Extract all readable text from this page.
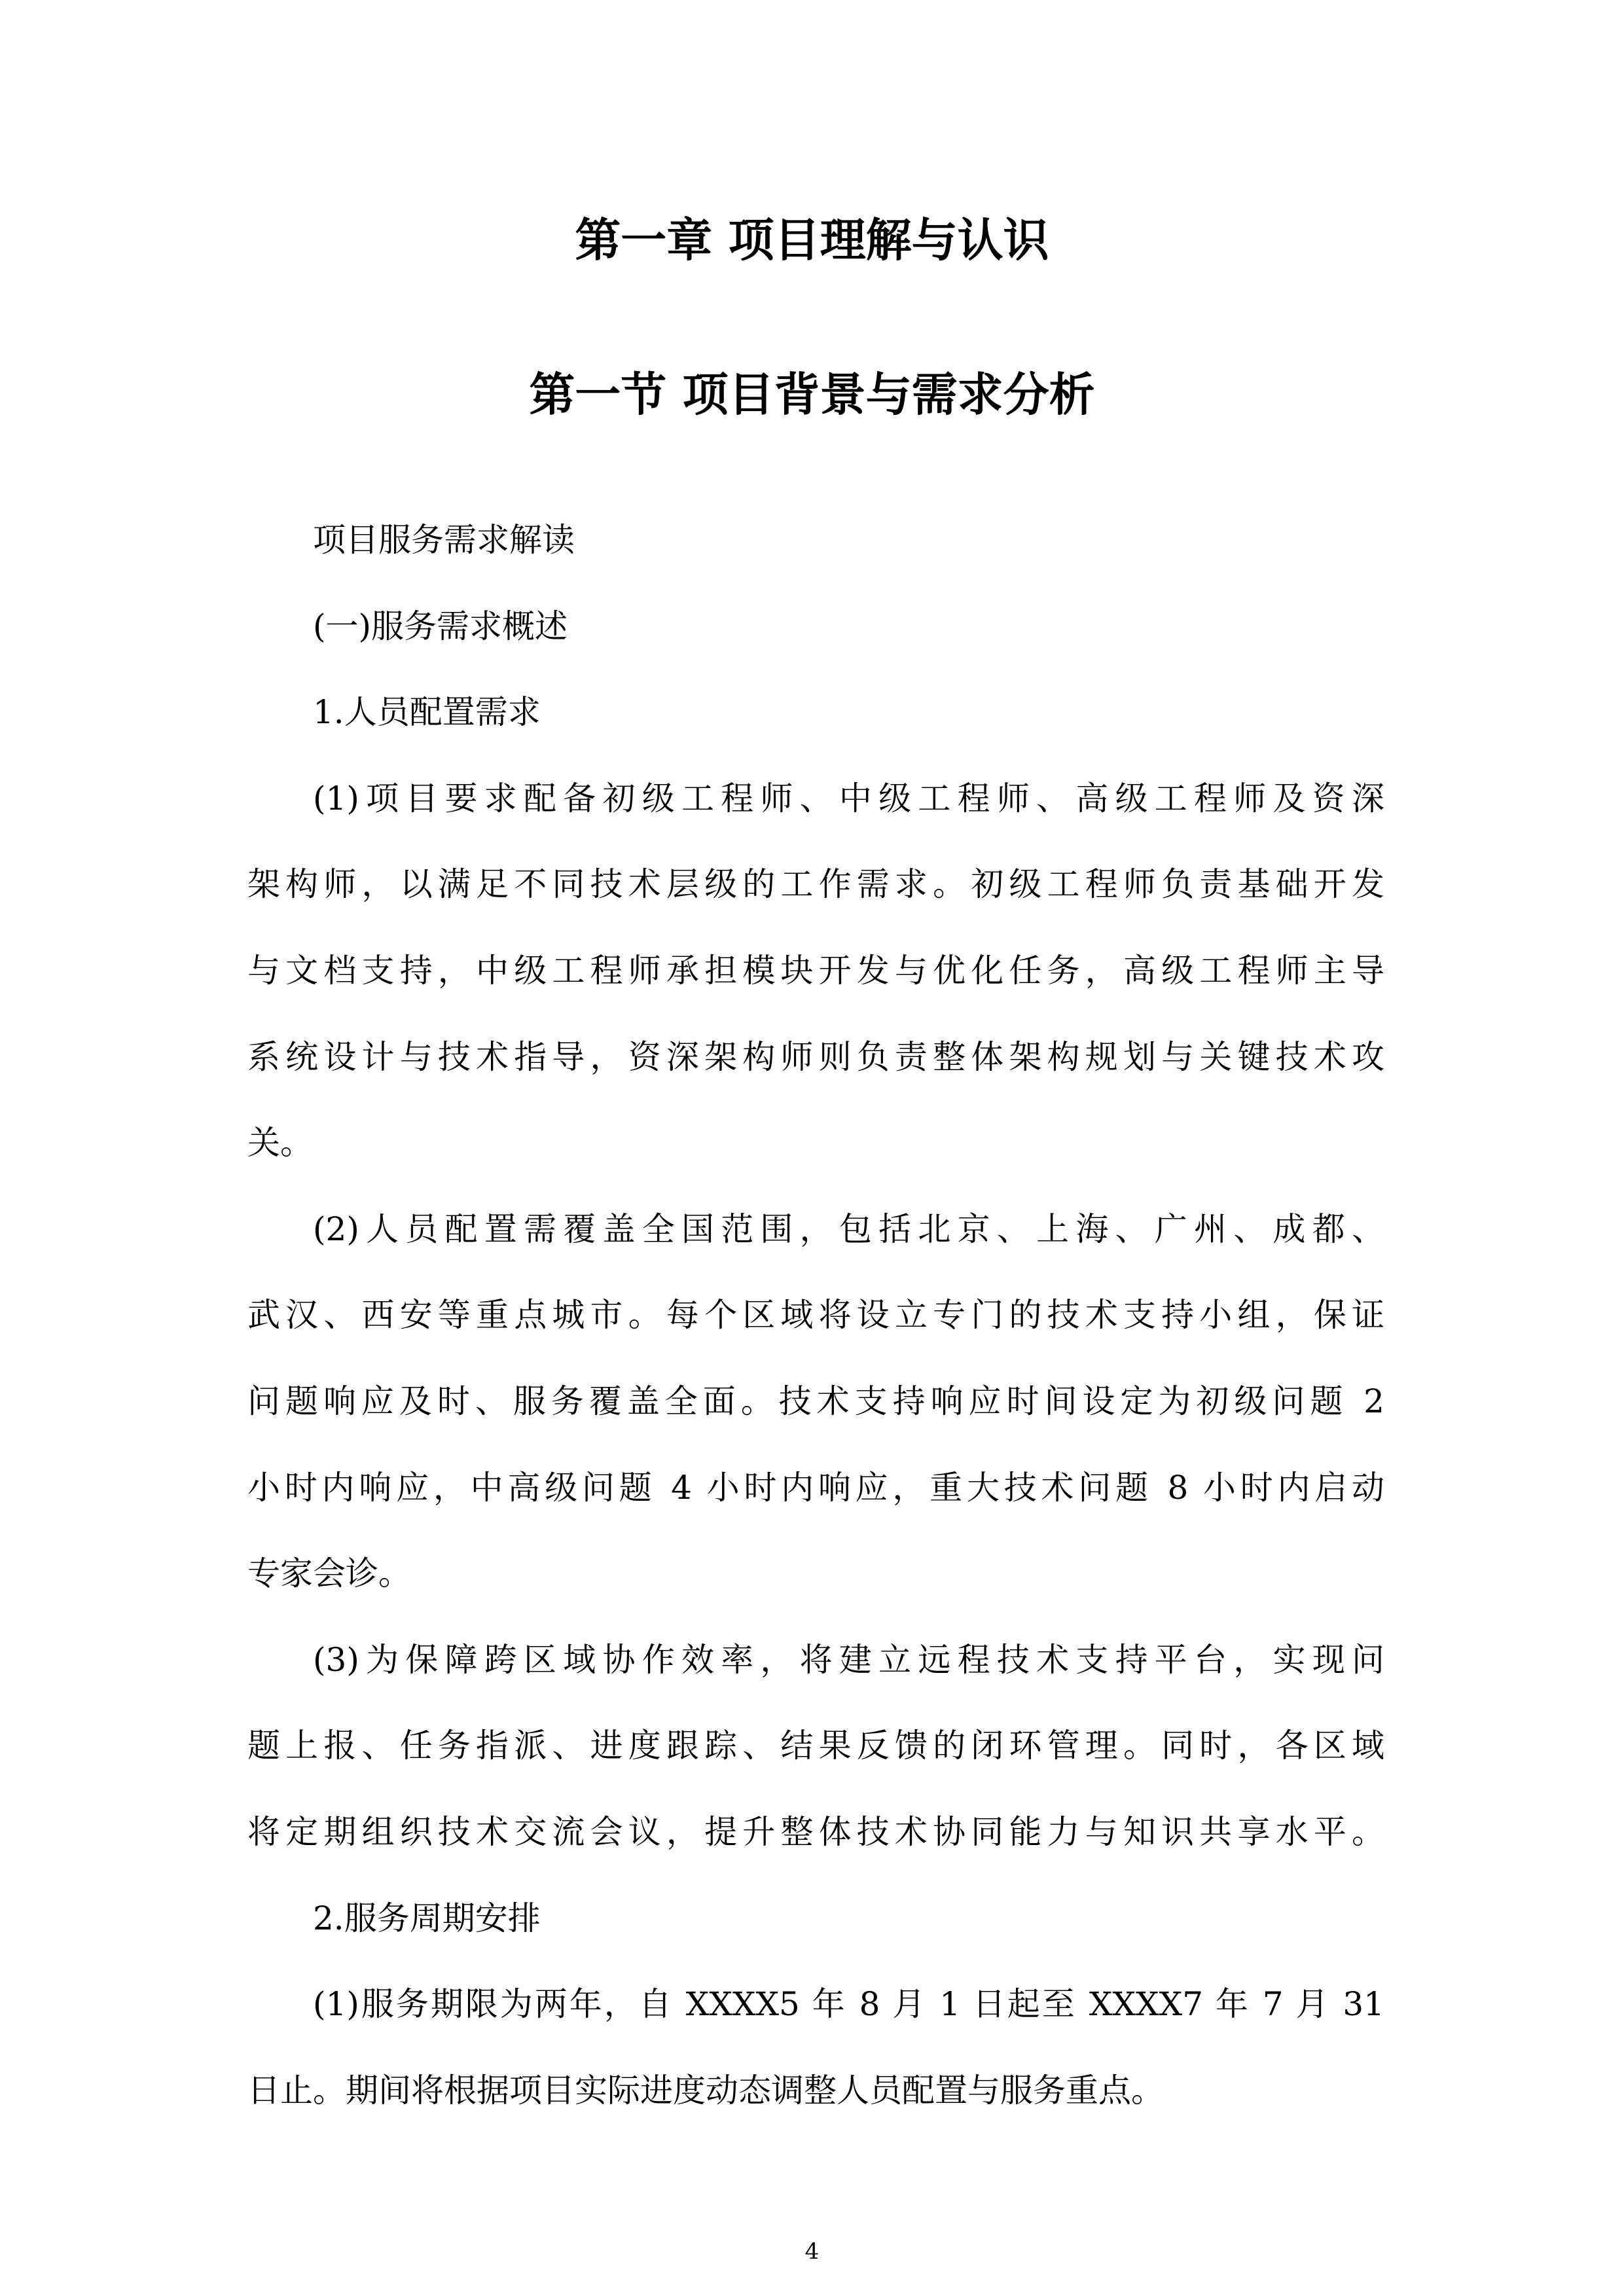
第一章 项目理解与认识
第一节 项目背景与需求分析
项目服务需求解读
(一)服务需求概述
1.人员配置需求
(1)项目要求配备初级工程师、中级工程师、高级工程师及资深
架构师，以满足不同技术层级的工作需求。初级工程师负责基础开发
与文档支持，中级工程师承担模块开发与优化任务，高级工程师主导
系统设计与技术指导，资深架构师则负责整体架构规划与关键技术攻
关。
(2)人员配置需覆盖全国范围，包括北京、上海、广州、成都、
武汉、西安等重点城市。每个区域将设立专门的技术支持小组，保证
问题响应及时、服务覆盖全面。技术支持响应时间设定为初级问题 2
小时内响应，中高级问题 4 小时内响应，重大技术问题 8 小时内启动
专家会诊。
(3)为保障跨区域协作效率，将建立远程技术支持平台，实现问
题上报、任务指派、进度跟踪、结果反馈的闭环管理。同时，各区域
将定期组织技术交流会议，提升整体技术协同能力与知识共享水平。
2.服务周期安排
(1)服务期限为两年，自 XXXX5 年 8 月 1 日起至 XXXX7 年 7 月 31
日止。期间将根据项目实际进度动态调整人员配置与服务重点。
4
